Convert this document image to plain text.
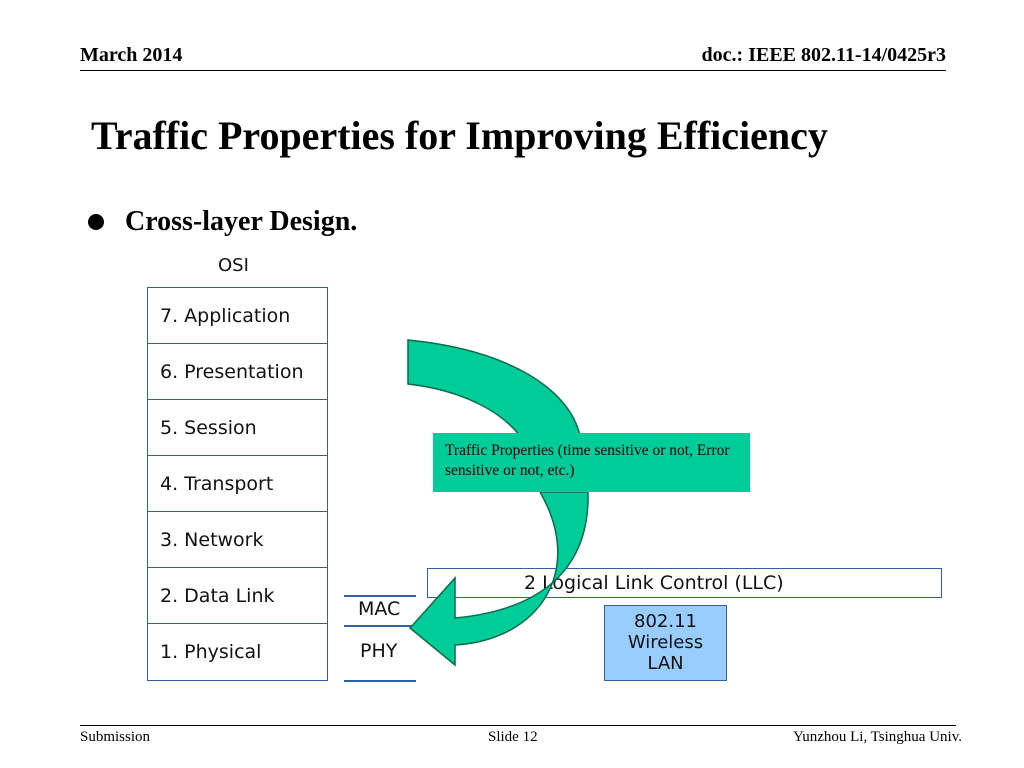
March 2014	doc.: IEEE 802.11-14/0425r3
Traffic Properties for Improving Efficiency
Cross-layer Design.
OSI
7. Application
6. Presentation
5. Session
4. Transport
3. Network
2. Data Link
1. Physical
MAC
PHY
2 Logical Link Control (LLC)
802.11
Wireless
LAN
Traffic Properties (time sensitive or not, Error sensitive or not, etc.)
Submission	Slide 12	Yunzhou Li, Tsinghua Univ.
